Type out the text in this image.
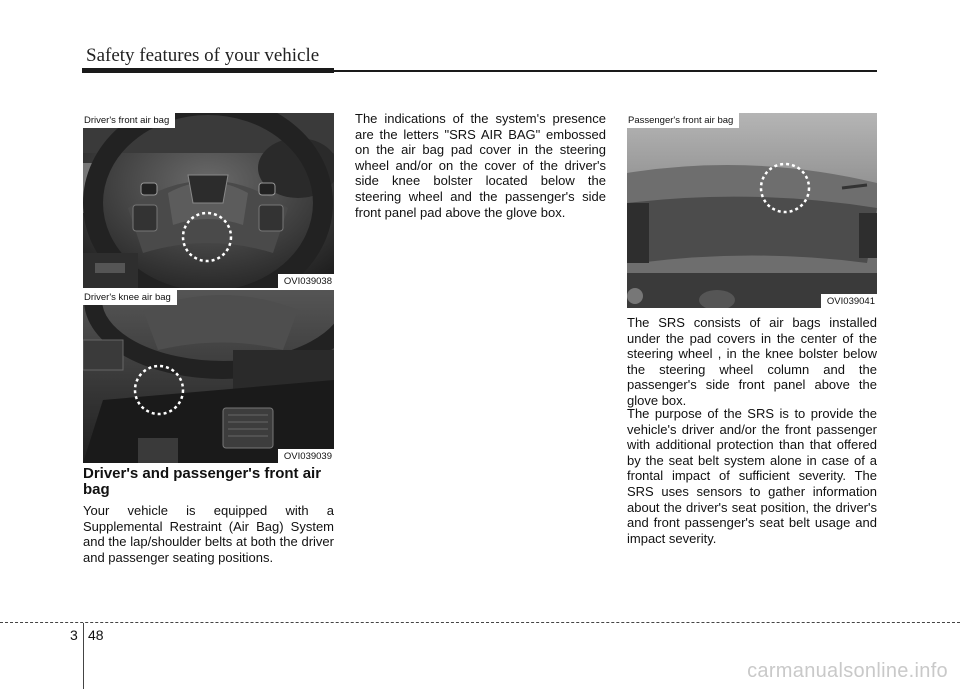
Safety features of your vehicle
Driver's front air bag
OVI039038
Driver's knee air bag
OVI039039
Driver's and passenger's front air bag

Your vehicle is equipped with a Supplemental Restraint (Air Bag) System and the lap/shoulder belts at both the driver and passenger seating positions.

The indications of the system's presence are the letters "SRS AIR BAG" embossed on the air bag pad cover in the steering wheel and/or on the cover of the driver's side knee bolster located below the steering wheel and the passenger's side front panel pad above the glove box.

Passenger's front air bag
OVI039041

The SRS consists of air bags installed under the pad covers in the center of the steering wheel , in the knee bolster below the steering wheel column and the passenger's side front panel above the glove box.

The purpose of the SRS is to provide the vehicle's driver and/or the front passenger with additional protection than that offered by the seat belt system alone in case of a frontal impact of sufficient severity. The SRS uses sensors to gather information about the driver's seat position, the driver's and front passenger's seat belt usage and impact severity.

3 48
carmanualsonline.info
